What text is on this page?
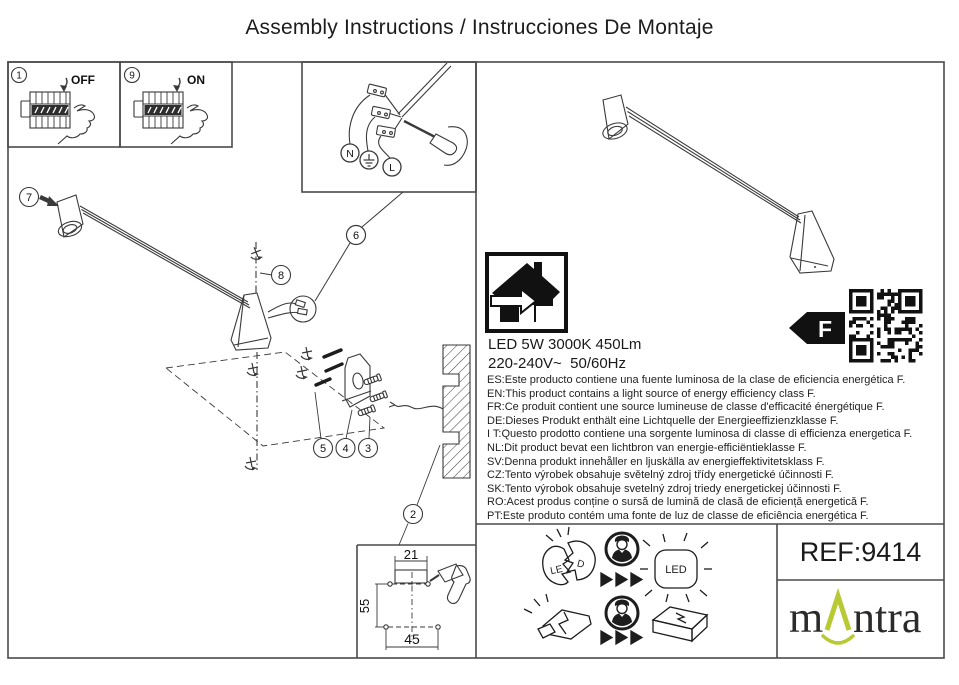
1	OFF	9	ON
N
L
6
7
8
5 4 3
2
21
55
45
F
LE D	LED
Assembly Instructions / Instrucciones De Montaje
LED 5W 3000K 450Lm
220-240V~  50/60Hz
ES:Este producto contiene una fuente luminosa de la clase de eficiencia energética F.
EN:This product contains a light source of energy efficiency class F.
FR:Ce produit contient une source lumineuse de classe d'efficacité énergétique F.
DE:Dieses Produkt enthält eine Lichtquelle der Energieeffizienzklasse F.
I T:Questo prodotto contiene una sorgente luminosa di classe di efficienza energetica F.
NL:Dit product bevat een lichtbron van energie-efficiëntieklasse F.
SV:Denna produkt innehåller en ljuskälla av energieffektivitetsklass F.
CZ:Tento výrobek obsahuje světelný zdroj třídy energetické účinnosti F.
SK:Tento výrobok obsahuje svetelný zdroj triedy energetickej účinnosti F.
RO:Acest produs conține o sursă de lumină de clasă de eficiență energetică F.
PT:Este produto contém uma fonte de luz de classe de eficiência energética F.
REF:9414
m ntra
